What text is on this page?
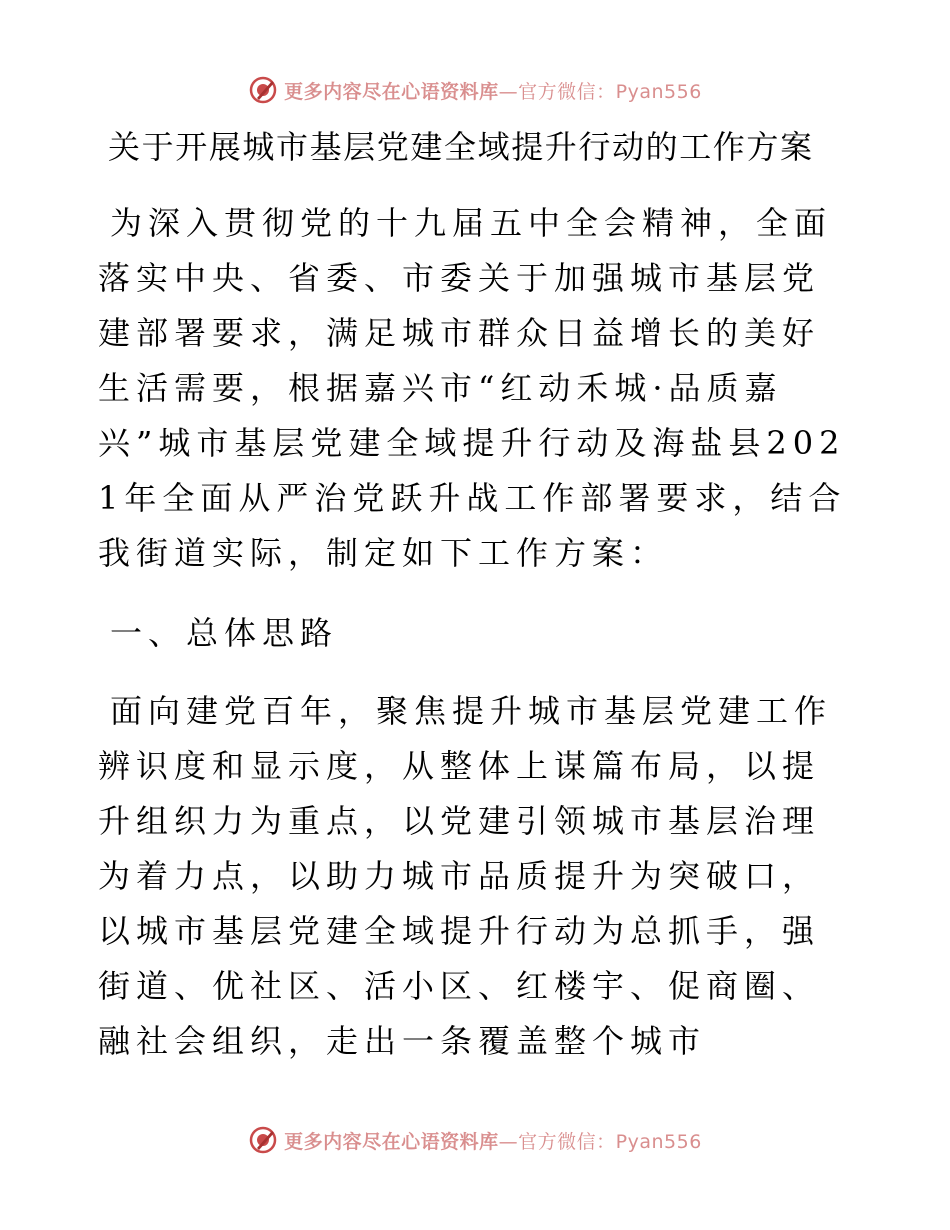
更多内容尽在心语资料库—官方微信：Pyan556
关于开展城市基层党建全域提升行动的工作方案

为深入贯彻党的十九届五中全会精神，全面落实中央、省委、市委关于加强城市基层党建部署要求，满足城市群众日益增长的美好生活需要，根据嘉兴市“红动禾城·品质嘉兴”城市基层党建全域提升行动及海盐县2021年全面从严治党跃升战工作部署要求，结合我街道实际，制定如下工作方案：

一、总体思路

面向建党百年，聚焦提升城市基层党建工作辨识度和显示度，从整体上谋篇布局，以提升组织力为重点，以党建引领城市基层治理为着力点，以助力城市品质提升为突破口，以城市基层党建全域提升行动为总抓手，强街道、优社区、活小区、红楼宇、促商圈、融社会组织，走出一条覆盖整个城市

更多内容尽在心语资料库—官方微信：Pyan556
